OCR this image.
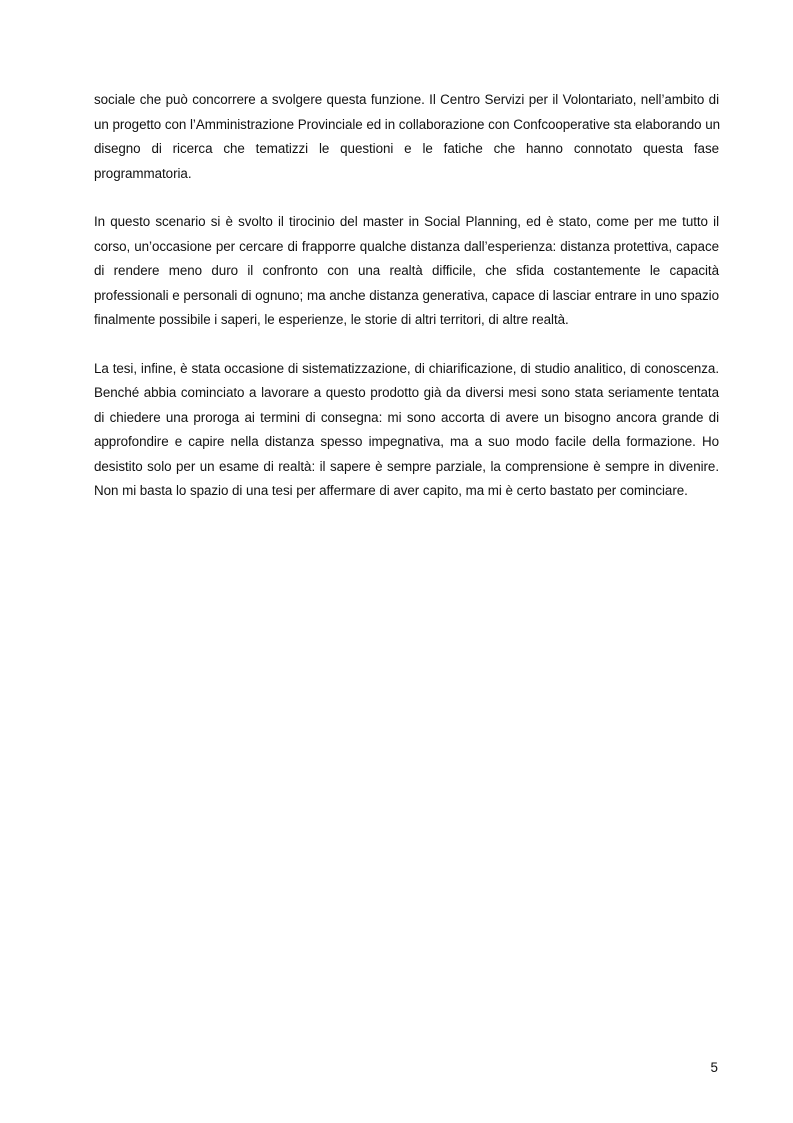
sociale che può concorrere a svolgere questa funzione. Il Centro Servizi per il Volontariato, nell’ambito di
un progetto con l’Amministrazione Provinciale ed in collaborazione con Confcooperative sta elaborando un
disegno di ricerca che tematizzi le questioni e le fatiche che hanno connotato questa fase
programmatoria.

In questo scenario si è svolto il tirocinio del master in Social Planning, ed è stato, come per me tutto il
corso, un’occasione per cercare di frapporre qualche distanza dall’esperienza: distanza protettiva, capace
di rendere meno duro il confronto con una realtà difficile, che sfida costantemente le capacità
professionali e personali di ognuno; ma anche distanza generativa, capace di lasciar entrare in uno spazio
finalmente possibile i saperi, le esperienze, le storie di altri territori, di altre realtà.

La tesi, infine, è stata occasione di sistematizzazione, di chiarificazione, di studio analitico, di conoscenza.
Benché abbia cominciato a lavorare a questo prodotto già da diversi mesi sono stata seriamente tentata
di chiedere una proroga ai termini di consegna: mi sono accorta di avere un bisogno ancora grande di
approfondire e capire nella distanza spesso impegnativa, ma a suo modo facile della formazione. Ho
desistito solo per un esame di realtà: il sapere è sempre parziale, la comprensione è sempre in divenire.
Non mi basta lo spazio di una tesi per affermare di aver capito, ma mi è certo bastato per cominciare.

5
